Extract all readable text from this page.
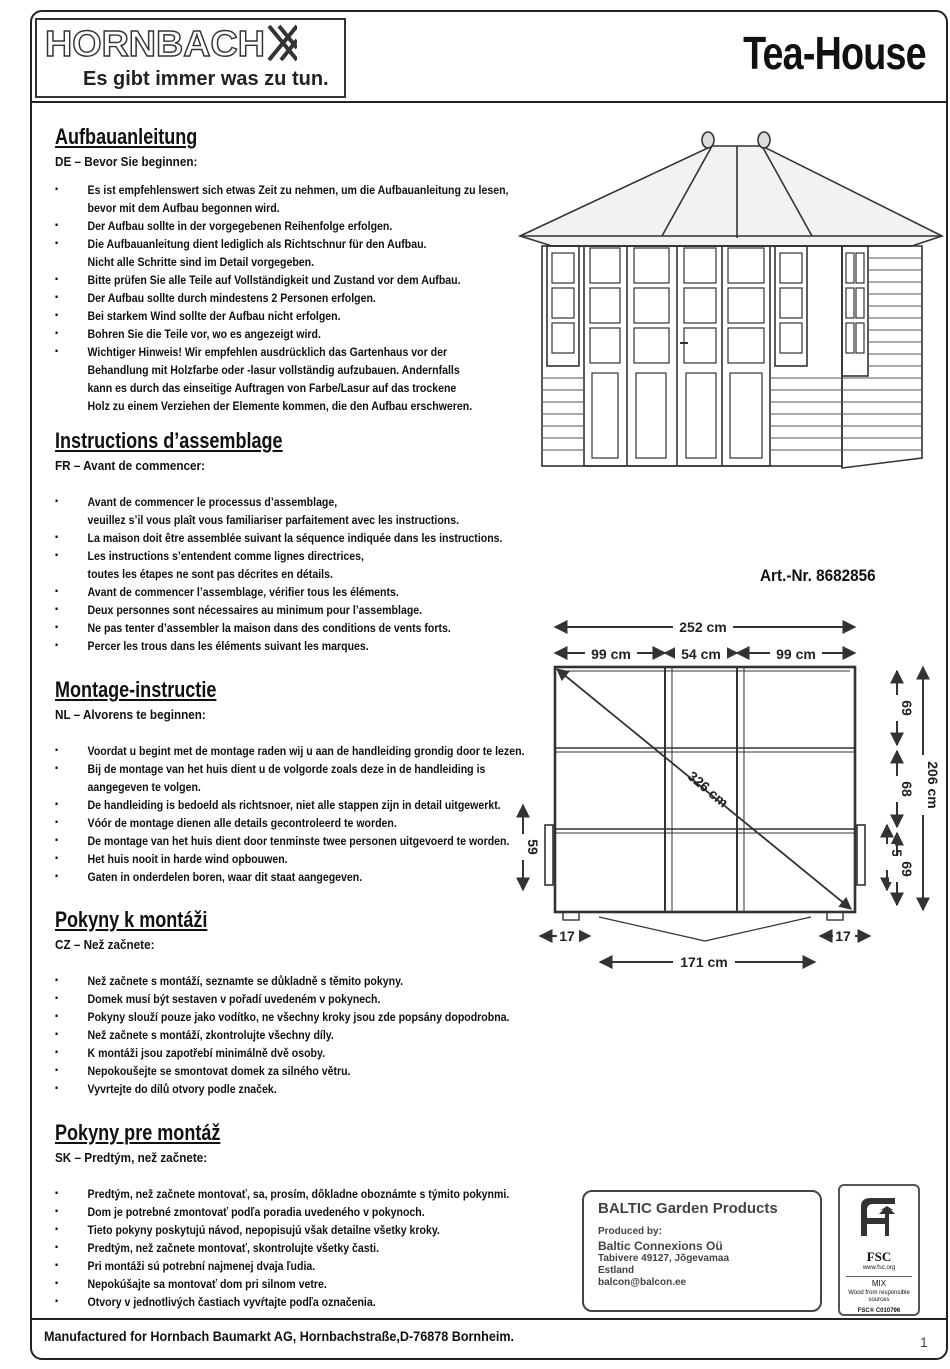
HORNBACH
Es gibt immer was zu tun.	Tea-House
Aufbauanleitung
DE – Bevor Sie beginnen:
▪ Es ist empfehlenswert sich etwas Zeit zu nehmen, um die Aufbauanleitung zu lesen,
bevor mit dem Aufbau begonnen wird.
▪ Der Aufbau sollte in der vorgegebenen Reihenfolge erfolgen.
▪ Die Aufbauanleitung dient lediglich als Richtschnur für den Aufbau.
Nicht alle Schritte sind im Detail vorgegeben.
▪ Bitte prüfen Sie alle Teile auf Vollständigkeit und Zustand vor dem Aufbau.
▪ Der Aufbau sollte durch mindestens 2 Personen erfolgen.
▪ Bei starkem Wind sollte der Aufbau nicht erfolgen.
▪ Bohren Sie die Teile vor, wo es angezeigt wird.
▪ Wichtiger Hinweis! Wir empfehlen ausdrücklich das Gartenhaus vor der
Behandlung mit Holzfarbe oder -lasur vollständig aufzubauen. Andernfalls
kann es durch das einseitige Auftragen von Farbe/Lasur auf das trockene
Holz zu einem Verziehen der Elemente kommen, die den Aufbau erschweren.
Instructions d’assemblage
FR – Avant de commencer:
▪ Avant de commencer le processus d’assemblage,
veuillez s’il vous plaît vous familiariser parfaitement avec les instructions.
▪ La maison doit être assemblée suivant la séquence indiquée dans les instructions.
▪ Les instructions s’entendent comme lignes directrices,
toutes les étapes ne sont pas décrites en détails.
▪ Avant de commencer l’assemblage, vérifier tous les éléments.
▪ Deux personnes sont nécessaires au minimum pour l’assemblage.
▪ Ne pas tenter d’assembler la maison dans des conditions de vents forts.
▪ Percer les trous dans les éléments suivant les marques.
Montage-instructie
NL – Alvorens te beginnen:
▪ Voordat u begint met de montage raden wij u aan de handleiding grondig door te lezen.
▪ Bij de montage van het huis dient u de volgorde zoals deze in de handleiding is
aangegeven te volgen.
▪ De handleiding is bedoeld als richtsnoer, niet alle stappen zijn in detail uitgewerkt.
▪ Vóór de montage dienen alle details gecontroleerd te worden.
▪ De montage van het huis dient door tenminste twee personen uitgevoerd te worden.
▪ Het huis nooit in harde wind opbouwen.
▪ Gaten in onderdelen boren, waar dit staat aangegeven.
Pokyny k montáži
CZ – Než začnete:
▪ Než začnete s montáží, seznamte se důkladně s těmito pokyny.
▪ Domek musí být sestaven v pořadí uvedeném v pokynech.
▪ Pokyny slouží pouze jako vodítko, ne všechny kroky jsou zde popsány dopodrobna.
▪ Než začnete s montáží, zkontrolujte všechny díly.
▪ K montáži jsou zapotřebí minimálně dvě osoby.
▪ Nepokoušejte se smontovat domek za silného větru.
▪ Vyvrtejte do dílů otvory podle značek.
Pokyny pre montáž
SK – Predtým, než začnete:
▪ Predtým, než začnete montovať, sa, prosím, dôkladne oboznámte s týmito pokynmi.
▪ Dom je potrebné zmontovať podľa poradia uvedeného v pokynoch.
▪ Tieto pokyny poskytujú návod, nepopisujú však detailne všetky kroky.
▪ Predtým, než začnete montovať, skontrolujte všetky časti.
▪ Pri montáži sú potrební najmenej dvaja ľudia.
▪ Nepokúšajte sa montovať dom pri silnom vetre.
▪ Otvory v jednotlivých častiach vyvŕtajte podľa označenia.
Art.-Nr. 8682856
252 cm
99 cm	54 cm	99 cm
326 cm
59
69
68
69
206 cm
17	17
171 cm
BALTIC Garden Products
Produced by:
Baltic Connexions Oü
Tabivere 49127, Jõgevamaa
Estland
balcon@balcon.ee
FSC
www.fsc.org
MIX
Wood from responsible sources
FSC® C010796
Manufactured for Hornbach Baumarkt AG, Hornbachstraße,D-76878 Bornheim.	1
